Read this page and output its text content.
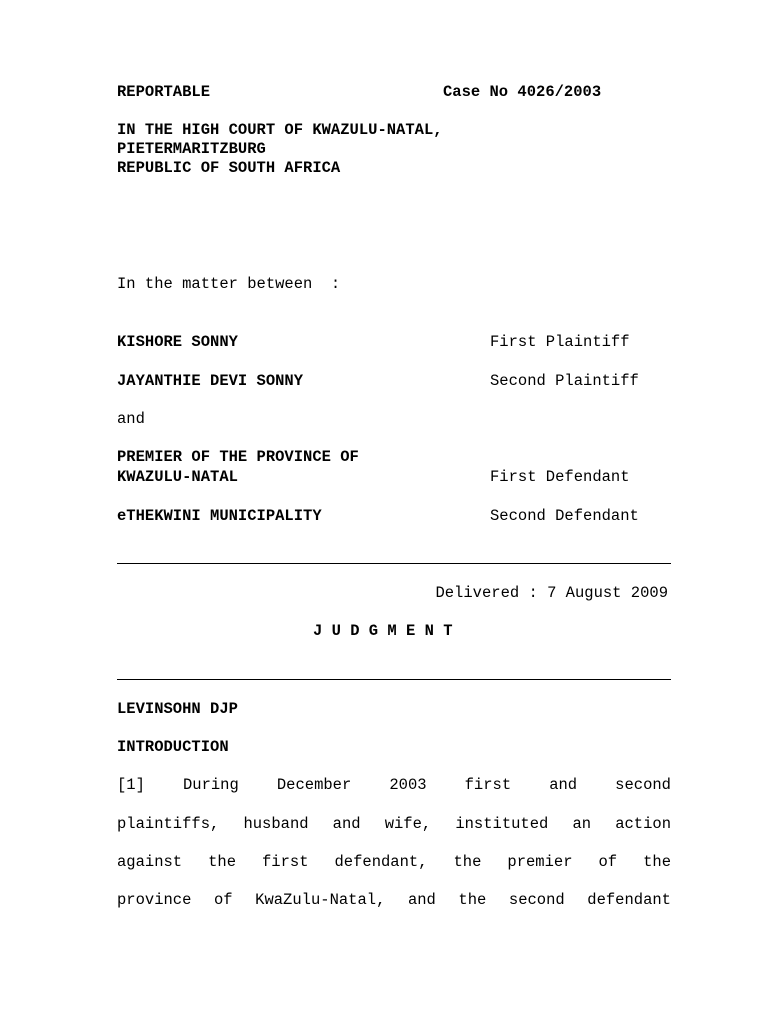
REPORTABLE	Case No 4026/2003
IN THE HIGH COURT OF KWAZULU-NATAL,
PIETERMARITZBURG
REPUBLIC OF SOUTH AFRICA
In the matter between  :
KISHORE SONNY	First Plaintiff
JAYANTHIE DEVI SONNY	Second Plaintiff
and
PREMIER OF THE PROVINCE OF
KWAZULU-NATAL	First Defendant
eTHEKWINI MUNICIPALITY	Second Defendant
Delivered : 7 August 2009
J U D G M E N T
LEVINSOHN DJP
INTRODUCTION
[1] During December 2003 first and second
plaintiffs, husband and wife, instituted an action
against the first defendant, the premier of the
province of KwaZulu-Natal, and the second defendant
